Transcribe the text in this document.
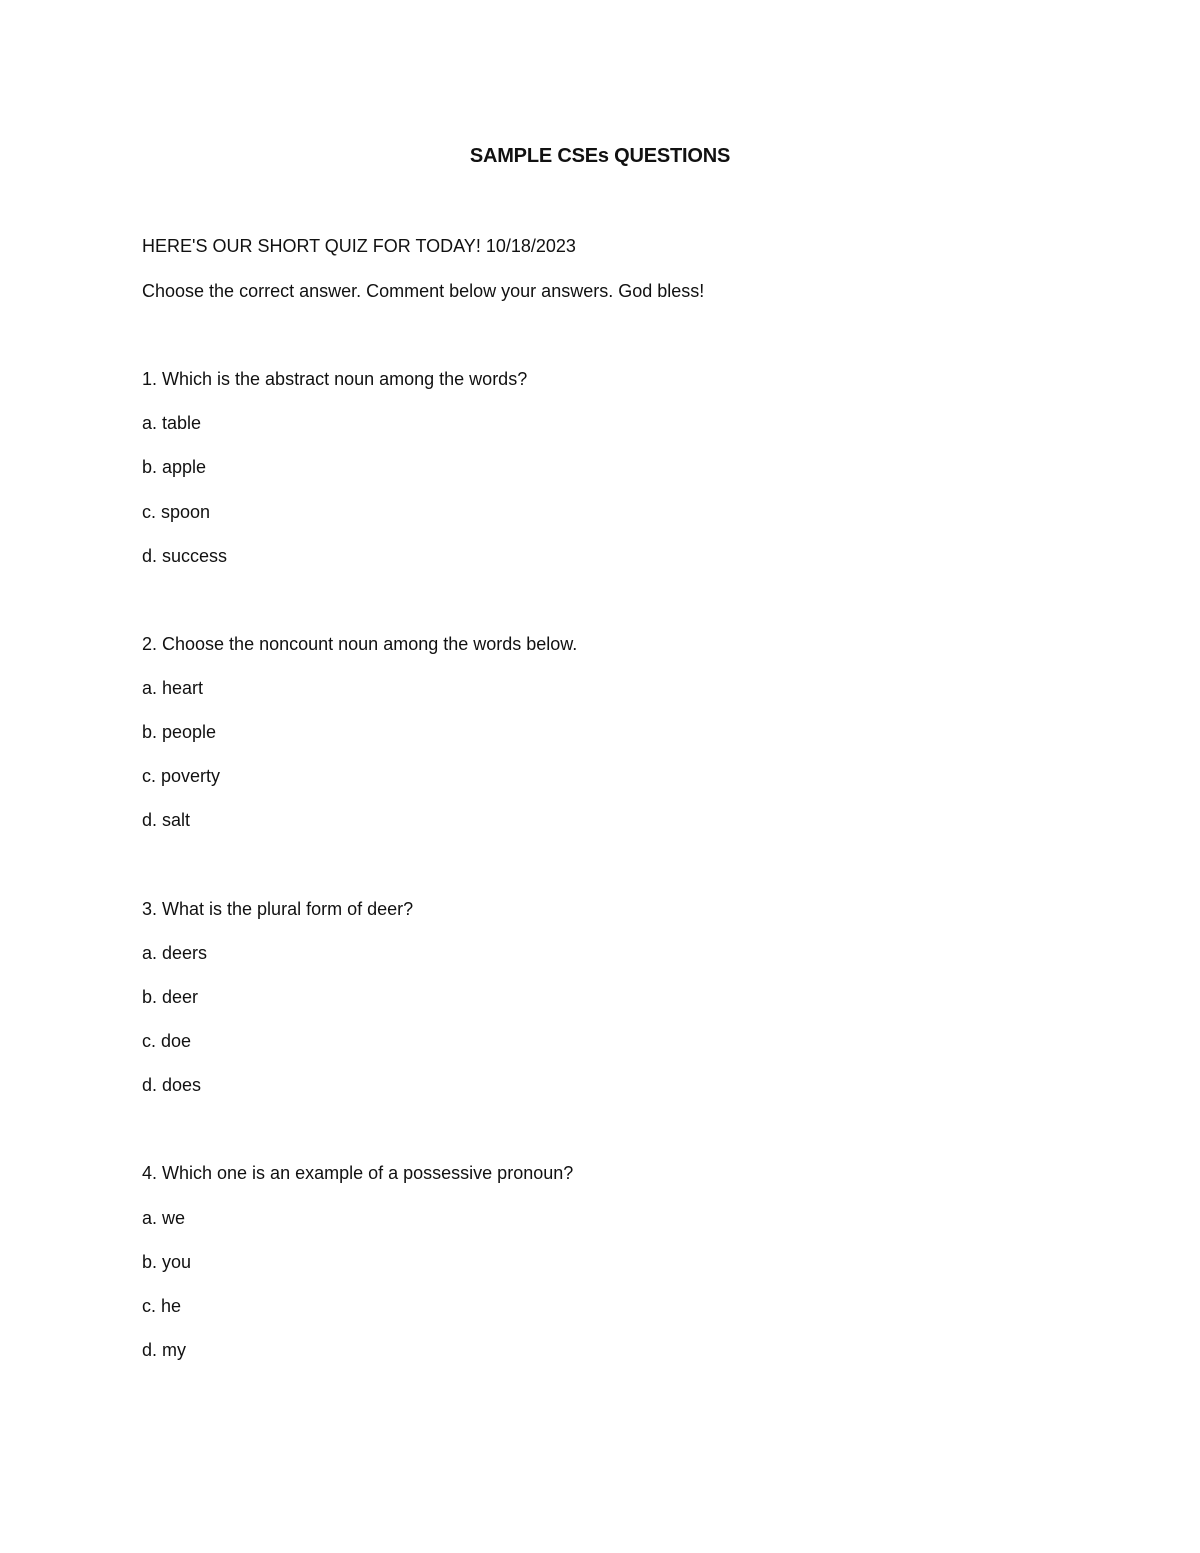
SAMPLE CSEs QUESTIONS
HERE'S OUR SHORT QUIZ FOR TODAY! 10/18/2023
Choose the correct answer. Comment below your answers. God bless!
1. Which is the abstract noun among the words?
a. table
b. apple
c. spoon
d. success
2. Choose the noncount noun among the words below.
a. heart
b. people
c. poverty
d. salt
3. What is the plural form of deer?
a. deers
b. deer
c. doe
d. does
4. Which one is an example of a possessive pronoun?
a. we
b. you
c. he
d. my
